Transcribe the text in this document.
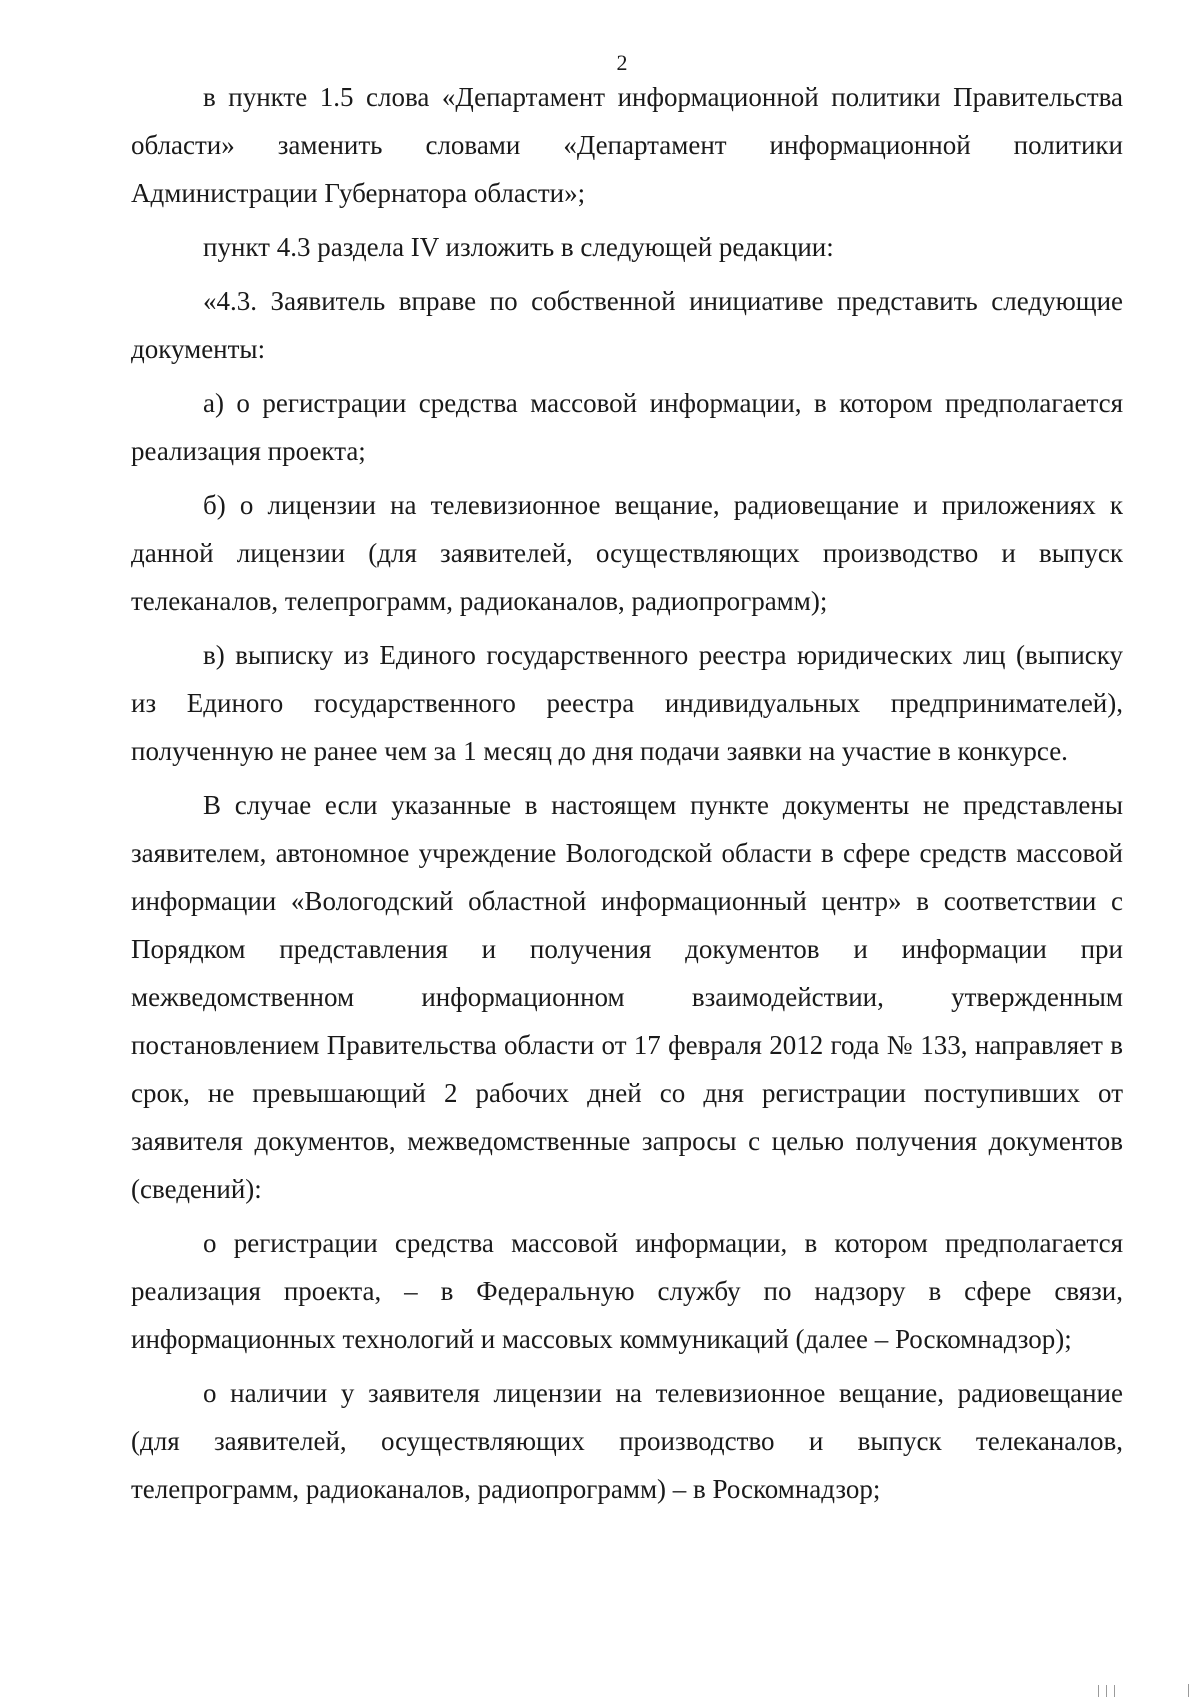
2

в пункте 1.5 слова «Департамент информационной политики Правительства области» заменить словами «Департамент информационной политики Администрации Губернатора области»;

пункт 4.3 раздела IV изложить в следующей редакции:

«4.3. Заявитель вправе по собственной инициативе представить следующие документы:

а) о регистрации средства массовой информации, в котором предполагается реализация проекта;

б) о лицензии на телевизионное вещание, радиовещание и приложениях к данной лицензии (для заявителей, осуществляющих производство и выпуск телеканалов, телепрограмм, радиоканалов, радиопрограмм);

в) выписку из Единого государственного реестра юридических лиц (выписку из Единого государственного реестра индивидуальных предпринимателей), полученную не ранее чем за 1 месяц до дня подачи заявки на участие в конкурсе.

В случае если указанные в настоящем пункте документы не представлены заявителем, автономное учреждение Вологодской области в сфере средств массовой информации «Вологодский областной информационный центр» в соответствии с Порядком представления и получения документов и информации при межведомственном информационном взаимодействии, утвержденным постановлением Правительства области от 17 февраля 2012 года № 133, направляет в срок, не превышающий 2 рабочих дней со дня регистрации поступивших от заявителя документов, межведомственные запросы с целью получения документов (сведений):

о регистрации средства массовой информации, в котором предполагается реализация проекта, – в Федеральную службу по надзору в сфере связи, информационных технологий и массовых коммуникаций (далее – Роскомнадзор);

о наличии у заявителя лицензии на телевизионное вещание, радиовещание (для заявителей, осуществляющих производство и выпуск телеканалов, телепрограмм, радиоканалов, радиопрограмм) – в Роскомнадзор;
